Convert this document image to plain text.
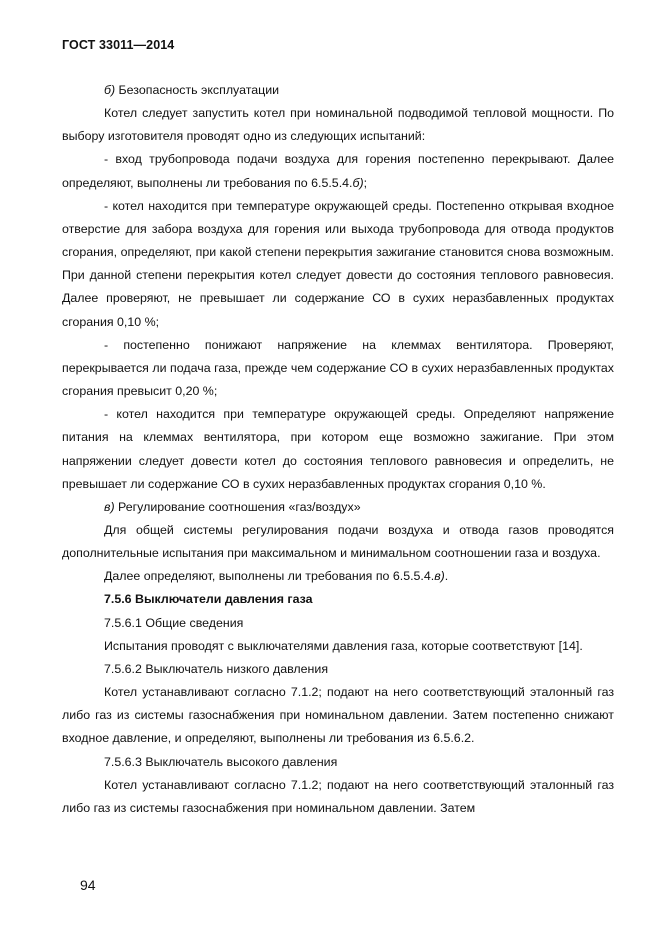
ГОСТ 33011—2014

б) Безопасность эксплуатации

Котел следует запустить котел при номинальной подводимой тепловой мощности. По выбору изготовителя проводят одно из следующих испытаний:

- вход трубопровода подачи воздуха для горения постепенно перекрывают. Далее определяют, выполнены ли требования по 6.5.5.4.б);

- котел находится при температуре окружающей среды. Постепенно открывая входное отверстие для забора воздуха для горения или выхода трубопровода для отвода продуктов сгорания, определяют, при какой степени перекрытия зажигание становится снова возможным. При данной степени перекрытия котел следует довести до состояния теплового равновесия. Далее проверяют, не превышает ли содержание СО в сухих неразбавленных продуктах сгорания 0,10 %;

- постепенно понижают напряжение на клеммах вентилятора. Проверяют, перекрывается ли подача газа, прежде чем содержание СО в сухих неразбавленных продуктах сгорания превысит 0,20 %;

- котел находится при температуре окружающей среды. Определяют напряжение питания на клеммах вентилятора, при котором еще возможно зажигание. При этом напряжении следует довести котел до состояния теплового равновесия и определить, не превышает ли содержание СО в сухих неразбавленных продуктах сгорания 0,10 %.

в) Регулирование соотношения «газ/воздух»

Для общей системы регулирования подачи воздуха и отвода газов проводятся дополнительные испытания при максимальном и минимальном соотношении газа и воздуха.

Далее определяют, выполнены ли требования по 6.5.5.4.в).

7.5.6 Выключатели давления газа

7.5.6.1 Общие сведения

Испытания проводят с выключателями давления газа, которые соответствуют [14].

7.5.6.2 Выключатель низкого давления

Котел устанавливают согласно 7.1.2; подают на него соответствующий эталонный газ либо газ из системы газоснабжения при номинальном давлении. Затем постепенно снижают входное давление, и определяют, выполнены ли требования из 6.5.6.2.

7.5.6.3 Выключатель высокого давления

Котел устанавливают согласно 7.1.2; подают на него соответствующий эталонный газ либо газ из системы газоснабжения при номинальном давлении. Затем

94
